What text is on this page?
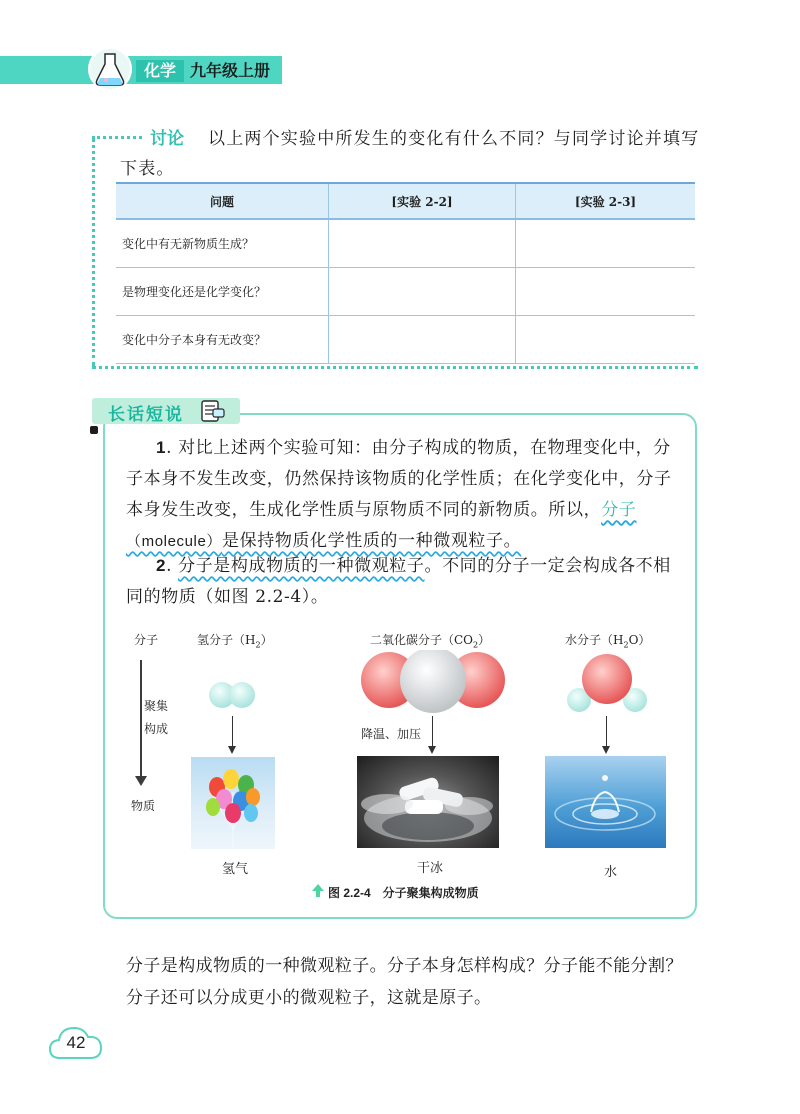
化学 九年级上册
以上两个实验中所发生的变化有什么不同？与同学讨论并填写下表。
讨论
问题	[实验 2-2]	[实验 2-3]
变化中有无新物质生成？		
是物理变化还是化学变化？		
变化中分子本身有无改变？		
长话短说
1. 对比上述两个实验可知：由分子构成的物质，在物理变化中，分子本身不发生改变，仍然保持该物质的化学性质；在化学变化中，分子本身发生改变，生成化学性质与原物质不同的新物质。所以，分子（molecule）是保持物质化学性质的一种微观粒子。
2. 分子是构成物质的一种微观粒子。不同的分子一定会构成各不相同的物质（如图 2.2-4）。
分子
聚集
构成
物质
氢分子$(H_2)$	二氧化碳分子$(CO_2)$	水分子$(H_2O)$
降温、加压
氢气	干冰	水
图 2.2-4　分子聚集构成物质
分子是构成物质的一种微观粒子。分子本身怎样构成？分子能不能分割？
分子还可以分成更小的微观粒子，这就是原子。
42
